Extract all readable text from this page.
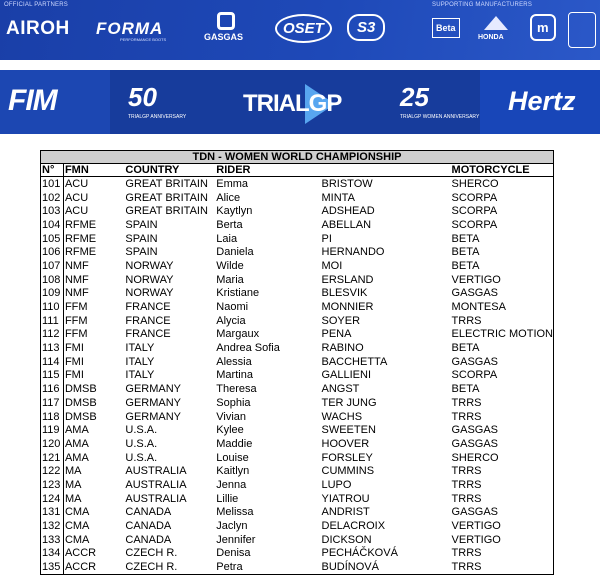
OFFICIAL PARTNERS	SUPPORTING MANUFACTURERS
AIROH FORMA
PERFORMANCE BOOTS	GASGAS	OSET	S3	Beta
HONDA
m
FIM	50
TRIALGP ANNIVERSARY TRIALGP 25
TRIALGP WOMEN ANNIVERSARY
Hertz
TDN - WOMEN WORLD CHAMPIONSHIP					
N°	FMN	COUNTRY	RIDER		MOTORCYCLE
101	ACU	GREAT BRITAIN	Emma	BRISTOW	SHERCO
102	ACU	GREAT BRITAIN	Alice	MINTA	SCORPA
103	ACU	GREAT BRITAIN	Kaytlyn	ADSHEAD	SCORPA
104	RFME	SPAIN	Berta	ABELLAN	SCORPA
105	RFME	SPAIN	Laia	PI	BETA
106	RFME	SPAIN	Daniela	HERNANDO	BETA
107	NMF	NORWAY	Wilde	MOI	BETA
108	NMF	NORWAY	Maria	ERSLAND	VERTIGO
109	NMF	NORWAY	Kristiane	BLESVIK	GASGAS
110	FFM	FRANCE	Naomi	MONNIER	MONTESA
111	FFM	FRANCE	Alycia	SOYER	TRRS
112	FFM	FRANCE	Margaux	PENA	ELECTRIC MOTION
113	FMI	ITALY	Andrea Sofia	RABINO	BETA
114	FMI	ITALY	Alessia	BACCHETTA	GASGAS
115	FMI	ITALY	Martina	GALLIENI	SCORPA
116	DMSB	GERMANY	Theresa	ANGST	BETA
117	DMSB	GERMANY	Sophia	TER JUNG	TRRS
118	DMSB	GERMANY	Vivian	WACHS	TRRS
119	AMA	U.S.A.	Kylee	SWEETEN	GASGAS
120	AMA	U.S.A.	Maddie	HOOVER	GASGAS
121	AMA	U.S.A.	Louise	FORSLEY	SHERCO
122	MA	AUSTRALIA	Kaitlyn	CUMMINS	TRRS
123	MA	AUSTRALIA	Jenna	LUPO	TRRS
124	MA	AUSTRALIA	Lillie	YIATROU	TRRS
131	CMA	CANADA	Melissa	ANDRIST	GASGAS
132	CMA	CANADA	Jaclyn	DELACROIX	VERTIGO
133	CMA	CANADA	Jennifer	DICKSON	VERTIGO
134	ACCR	CZECH R.	Denisa	PECHÁČKOVÁ	TRRS
135	ACCR	CZECH R.	Petra	BUDÍNOVÁ	TRRS
